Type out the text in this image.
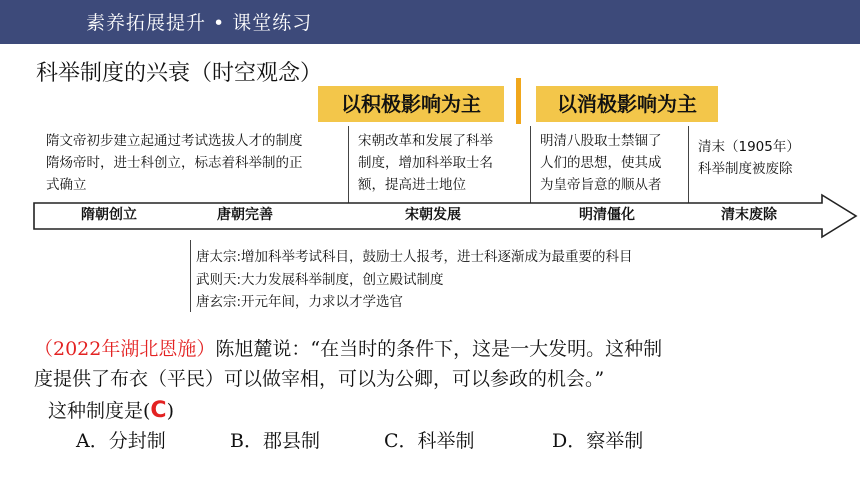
素养拓展提升 • 课堂练习
科举制度的兴衰（时空观念）
以积极影响为主	以消极影响为主
隋文帝初步建立起通过考试选拔人才的制度
隋炀帝时，进士科创立，标志着科举制的正
式确立
宋朝改革和发展了科举
制度，增加科举取士名
额，提高进士地位
明清八股取士禁锢了
人们的思想，使其成
为皇帝旨意的顺从者
清末（1905年）
科举制度被废除
隋朝创立	唐朝完善	宋朝发展	明清僵化	清末废除
唐太宗:增加科举考试科目，鼓励士人报考，进士科逐渐成为最重要的科目
武则天:大力发展科举制度，创立殿试制度
唐玄宗:开元年间，力求以才学选官
（2022年湖北恩施）陈旭麓说：“在当时的条件下，这是一大发明。这种制
度提供了布衣（平民）可以做宰相，可以为公卿，可以参政的机会。”
这种制度是(C)
A．分封制	B．郡县制	C．科举制	D．察举制
